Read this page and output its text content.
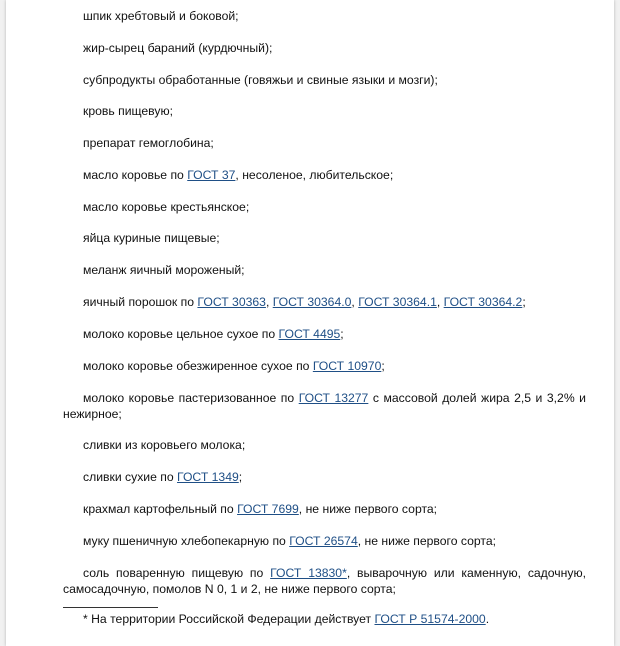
шпик хребтовый и боковой;

жир-сырец бараний (курдючный);

субпродукты обработанные (говяжьи и свиные языки и мозги);

кровь пищевую;

препарат гемоглобина;

масло коровье по ГОСТ 37, несоленое, любительское;

масло коровье крестьянское;

яйца куриные пищевые;

меланж яичный мороженый;

яичный порошок по ГОСТ 30363, ГОСТ 30364.0, ГОСТ 30364.1, ГОСТ 30364.2;

молоко коровье цельное сухое по ГОСТ 4495;

молоко коровье обезжиренное сухое по ГОСТ 10970;

молоко коровье пастеризованное по ГОСТ 13277 с массовой долей жира 2,5 и 3,2% и нежирное;

сливки из коровьего молока;

сливки сухие по ГОСТ 1349;

крахмал картофельный по ГОСТ 7699, не ниже первого сорта;

муку пшеничную хлебопекарную по ГОСТ 26574, не ниже первого сорта;

соль поваренную пищевую по ГОСТ 13830*, выварочную или каменную, садочную, самосадочную, помолов N 0, 1 и 2, не ниже первого сорта;

* На территории Российской Федерации действует ГОСТ Р 51574-2000.
